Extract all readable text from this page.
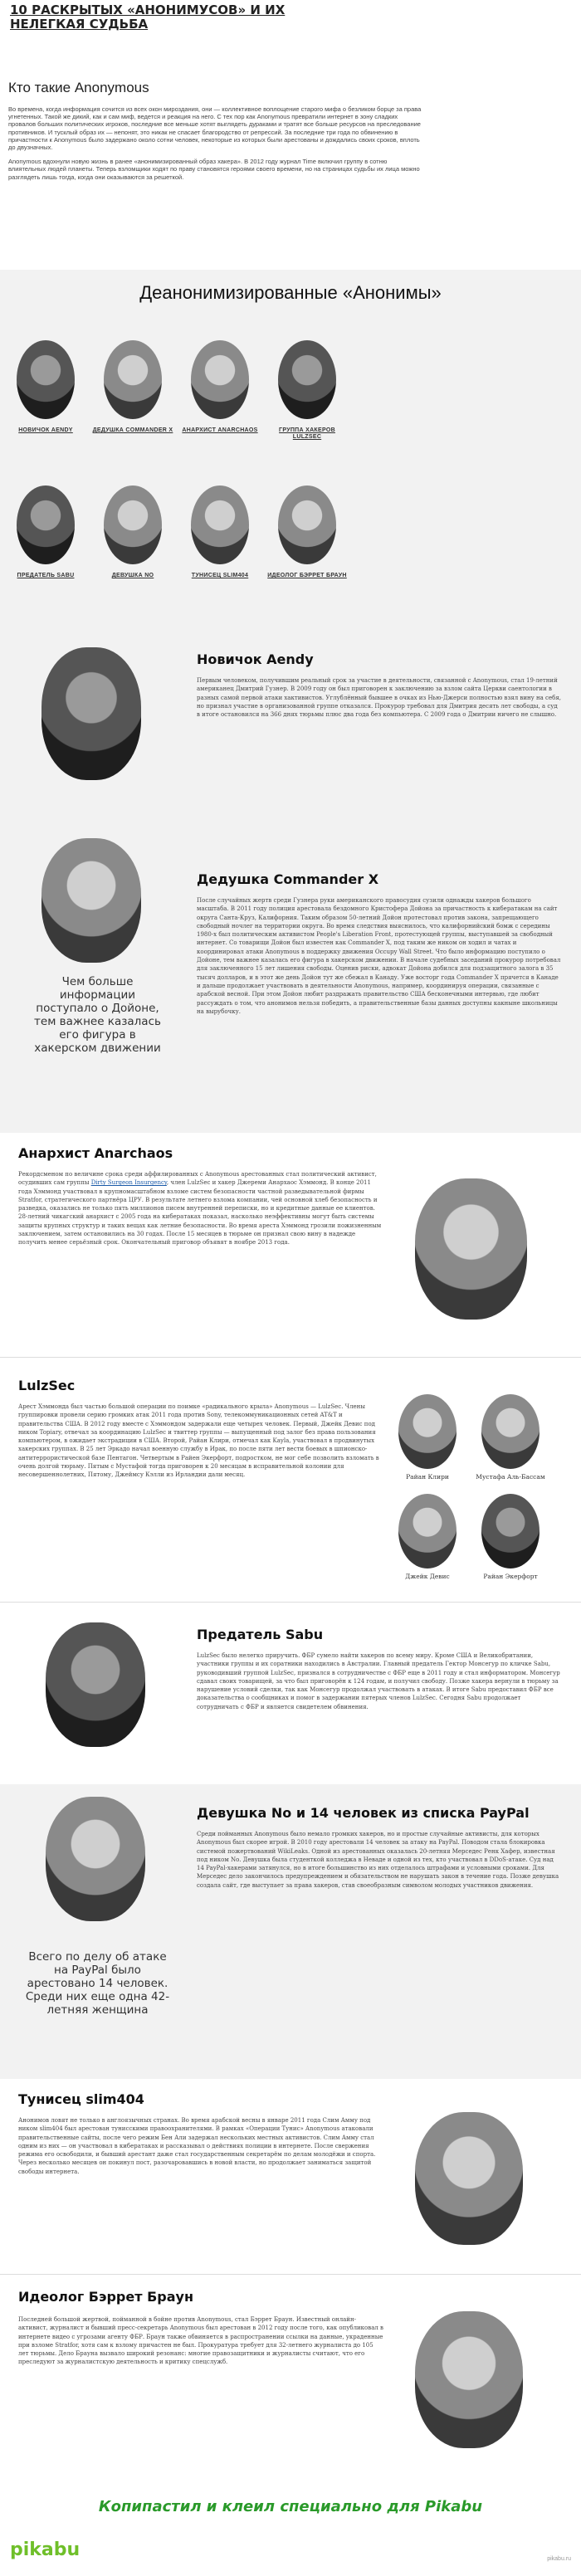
10 РАСКРЫТЫХ «АНОНИМУСОВ» И ИХ НЕЛЕГКАЯ СУДЬБА
Кто такие Anonymous

Во времена, когда информация сочится из всех окон мироздания, они — коллективное воплощение старого мифа о безликом борце за права угнетенных. Такой же дикий, как и сам миф, ведется и реакция на него. С тех пор как Anonymous превратили интернет в зону сладких провалов больших политических игроков, последние все меньше хотят выглядеть дураками и тратят все больше ресурсов на преследование противников. И тусклый образ их — непонят, это никак не спасает благородство от репрессий. За последние три года по обвинению в причастности к Anonymous было задержано около сотни человек, некоторые из которых были арестованы и дождались своих сроков, вплоть до двузначных.

Anonymous вдохнули новую жизнь в ранее «анонимизированный образ хакера». В 2012 году журнал Time включил группу в сотню влиятельных людей планеты. Теперь взломщики ходят по праву становятся героями своего времени, но на страницах судьбы их лица можно разглядеть лишь тогда, когда они оказываются за решеткой.

Деанонимизированные «Анонимы»
НОВИЧОК AENDY	ДЕДУШКА COMMANDER X	АНАРХИСТ ANARCHAOS	ГРУППА ХАКЕРОВ LULZSEC
ПРЕДАТЕЛЬ SABU	ДЕВУШКА NO	ТУНИСЕЦ SLIM404	ИДЕОЛОГ БЭРРЕТ БРАУН
Новичок Aendy
Первым человеком, получившим реальный срок за участие в деятельности, связанной с Anonymous, стал 19-летний американец Дмитрий Гузнер. В 2009 году он был приговорен к заключению за взлом сайта Церкви саентологии в разных самой первой атаки хактивистов. Углублённый бывшее в очках из Нью-Джерси полностью взял вину на себя, но признал участие в организованной группе отказался. Прокурор требовал для Дмитрия десять лет свободы, а суд в итоге остановился на 366 днях тюрьмы плюс два года без компьютера. С 2009 года о Дмитрии ничего не слышно.
Дедушка Commander X
После случайных жертв среди Гузнера руки американского правосудия сузили однажды хакеров большого масштаба. В 2011 году полиция арестовала бездомного Кристофера Дойона за причастность к кибератакам на сайт округа Санта-Круз, Калифорния. Таким образом 50-летний Дойон протестовал против закона, запрещающего свободный ночлег на территории округа. Во время следствия выяснилось, что калифорнийский бомж с середины 1980-х был политическим активистом People's Liberation Front, протестующей группы, выступавшей за свободный интернет. Со товарищи Дойон был известен как Commander X, под таким же ником он ходил и чатах и координировал атаки Anonymous в поддержку движения Occupy Wall Street. Что было информацию поступило о Дойоне, тем важнее казалась его фигура в хакерском движении. В начале судебных заседаний прокурор потребовал для заключенного 15 лет лишения свободы. Оценив риски, адвокат Дойона добился для подзащитного залога в 35 тысяч долларов, и в этот же день Дойон тут же сбежал в Канаду. Уже восторг года Commander X прячется в Канаде и дальше продолжает участвовать в деятельности Anonymous, например, координируя операции, связанные с арабской весной. При этом Дойон любит раздражать правительство США бесконечными интервью, где любит рассуждать о том, что анонимов нельзя победить, а правительственные базы данных доступны какныне школьницы на вырубочку.
Чем больше информации поступало о Дойоне, тем важнее казалась его фигура в хакерском движении
Анархист Anarchaos
Рекордсменом по величине срока среди аффилированных с Anonymous арестованных стал политический активист, осудивших сам группы Dirty Surgeon Insurgency, член LulzSec и хакер Джереми Анархаос Хэммонд. В конце 2011 года Хэммонд участвовал в крупномасштабном взломе систем безопасности частной разведывательной фирмы Stratfor, стратегического партнёра ЦРУ. В результате летнего взлома компании, чей основной хлеб безопасность и разведка, оказались не только пять миллионов писем внутренней переписки, но и кредитные данные ее клиентов. 28-летний чикагский анархист с 2005 года на кибератаках показал, насколько неэффективны могут быть системы защиты крупных структур и таких вещах как летние безопасности. Во время ареста Хэммонд грозили пожизненным заключением, затем остановились на 30 годах. После 15 месяцев в тюрьме он признал свою вину в надежде получить менее серьёзный срок. Окончательный приговор объявят в ноябре 2013 года.
LulzSec
Арест Хэммонда был частью большой операции по поимке «радикального крыла» Anonymous — LulzSec. Члены группировки провели серию громких атак 2011 года против Sony, телекоммуникационных сетей AT&T и правительства США. В 2012 году вместе с Хэммондом задержали еще четырех человек. Первый, Джейк Девис под ником Topiary, отвечал за координацию LulzSec и твиттер группы — выпущенный под залог без права пользования компьютером, в ожидает экстрадиции в США. Второй, Райан Клири, отмечал как Kayla, участвовал в продвинутых хакерских группах. В 25 лет Эркадо начал военную службу в Ирак, по после пяти лет вести боевых в шпионско-антитеррористической базе Пентагон. Четвертым в Райен Экерфорт, подростком, не мог себе позволить взломать в очень долгой тюрьму. Пятым с Мустафой тогда приговорен к 20 месяцам в исправительной колонии для несовершеннолетних, Пятому, Джеймсу Кэлли из Ирландии дали месяц.	Райан Клири	Мустафа Аль-Бассам
Джейк Девис	Райан Экерфорт
Предатель Sabu
LulzSec было нелегко приручить. ФБР сумело найти хакеров по всему миру. Кроме США и Великобритании, участники группы и их соратники находились в Австралии. Главный предатель Гектор Монсегур по кличке Sabu, руководивший группой LulzSec, признался в сотрудничестве с ФБР еще в 2011 году и стал информатором. Монсегур сдавал своих товарищей, за что был приговорён к 124 годам, и получил свободу. Позже хакера вернули в тюрьму за нарушение условий сделки, так как Монсегур продолжал участвовать в атаках. В итоге Sabu предоставил ФБР все доказательства о сообщниках и помог в задержании пятерых членов LulzSec. Сегодня Sabu продолжает сотрудничать с ФБР и является свидетелем обвинения.
Девушка No и 14 человек из списка PayPal
Среди пойманных Anonymous было немало громких хакеров, но и простые случайные активисты, для которых Anonymous был скорее игрой. В 2010 году арестовали 14 человек за атаку на PayPal. Поводом стала блокировка системой пожертвований WikiLeaks. Одной из арестованных оказалась 20-летняя Мерседес Ренк Хафер, известная под ником No. Девушка была студенткой колледжа в Неваде и одной из тех, кто участвовал в DDoS-атаке. Суд над 14 PayPal-хакерами затянулся, но в итоге большинство из них отделалось штрафами и условными сроками. Для Мерседес дело закончилось предупреждением и обязательством не нарушать закон в течение года. Позже девушка создала сайт, где выступает за права хакеров, став своеобразным символом молодых участников движения.
Всего по делу об атаке на PayPal было арестовано 14 человек. Среди них еще одна 42-летняя женщина
Тунисец slim404
Анонимов ловят не только в англоязычных странах. Во время арабской весны в январе 2011 года Слим Амму под ником slim404 был арестован тунисскими правоохранителями. В рамках «Операции Тунис» Anonymous атаковали правительственные сайты, после чего режим Бен Али задержал нескольких местных активистов. Слим Амму стал одним из них — он участвовал в кибератаках и рассказывал о действиях полиции в интернете. После свержения режима его освободили, и бывший арестант даже стал государственным секретарём по делам молодёжи и спорта. Через несколько месяцев он покинул пост, разочаровавшись в новой власти, но продолжает заниматься защитой свободы интернета.
Идеолог Бэррет Браун
Последней большой жертвой, пойманной в бойне против Anonymous, стал Бэррет Браун. Известный онлайн-активист, журналист и бывший пресс-секретарь Anonymous был арестован в 2012 году после того, как опубликовал в интернете видео с угрозами агенту ФБР. Браун также обвиняется в распространении ссылки на данные, украденные при взломе Stratfor, хотя сам к взлому причастен не был. Прокуратура требует для 32-летнего журналиста до 105 лет тюрьмы. Дело Брауна вызвало широкий резонанс: многие правозащитники и журналисты считают, что его преследуют за журналистскую деятельность и критику спецслужб.
Копипастил и клеил специально для Pikabu
pikabu	pikabu.ru
